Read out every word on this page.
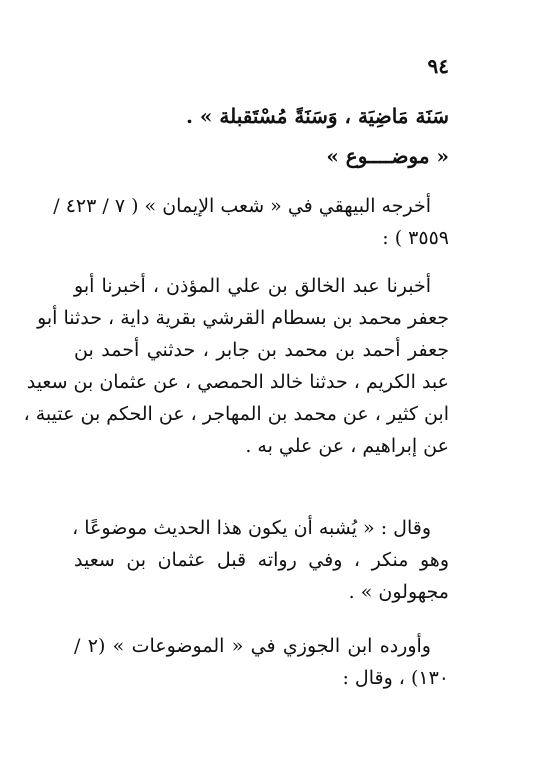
٩٤
سَنَة مَاضِيَة ، وَسَنَةً مُسْتَقبلة » .
« موضــــوع »
أخرجه البيهقي في « شعب الإيمان » ( ٧ / ٤٢٣ /
٣٥٥٩ ) :
أخبرنا عبد الخالق بن علي المؤذن ، أخبرنا أبو
جعفر محمد بن بسطام القرشي بقرية داية ، حدثنا أبو
جعفر أحمد بن محمد بن جابر ، حدثني أحمد بن
عبد الكريم ، حدثنا خالد الحمصي ، عن عثمان بن سعيد
ابن كثير ، عن محمد بن المهاجر ، عن الحكم بن عتيبة ،
عن إبراهيم ، عن علي به .
وقال : « يُشبه أن يكون هذا الحديث موضوعًا ،
وهو منكر ، وفي رواته قبل عثمان بن سعيد
مجهولون » .
وأورده ابن الجوزي في « الموضوعات » (٢ /
١٣٠) ، وقال :
